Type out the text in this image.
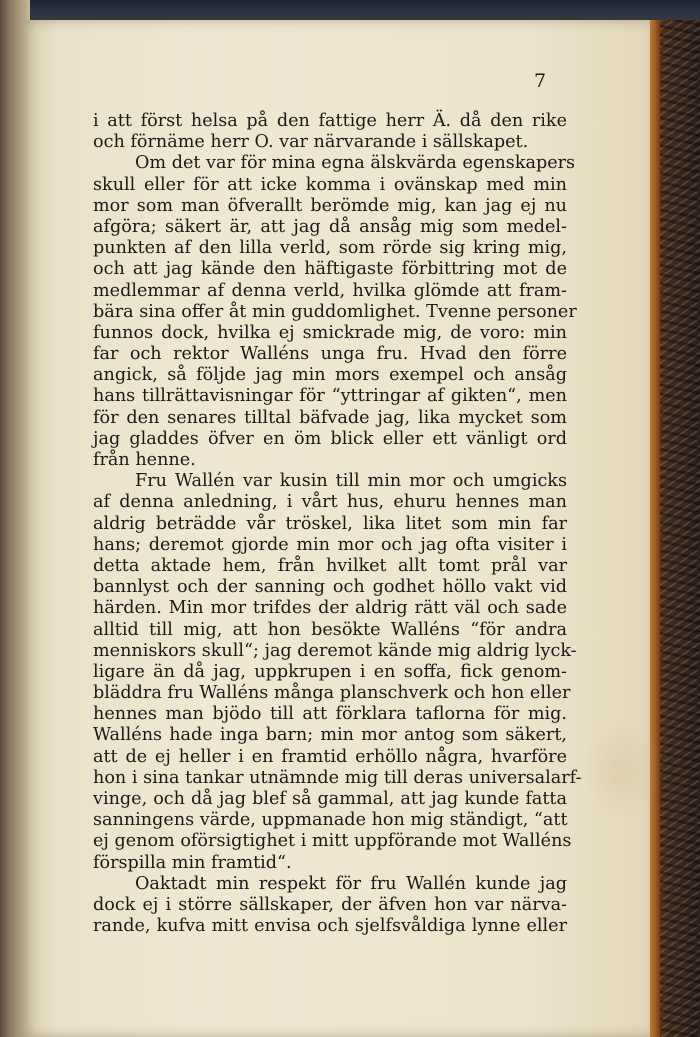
7
i att först helsa på den fattige herr Ä. då den rike
och förnäme herr O. var närvarande i sällskapet.
Om det var för mina egna älskvärda egenskapers
skull eller för att icke komma i ovänskap med min
mor som man öfverallt berömde mig, kan jag ej nu
afgöra; säkert är, att jag då ansåg mig som medel-
punkten af den lilla verld, som rörde sig kring mig,
och att jag kände den häftigaste förbittring mot de
medlemmar af denna verld, hvilka glömde att fram-
bära sina offer åt min guddomlighet. Tvenne personer
funnos dock, hvilka ej smickrade mig, de voro: min
far och rektor Walléns unga fru. Hvad den förre
angick, så följde jag min mors exempel och ansåg
hans tillrättavisningar för “yttringar af gikten“, men
för den senares tilltal bäfvade jag, lika mycket som
jag gladdes öfver en öm blick eller ett vänligt ord
från henne.
Fru Wallén var kusin till min mor och umgicks
af denna anledning, i vårt hus, ehuru hennes man
aldrig beträdde vår tröskel, lika litet som min far
hans; deremot gjorde min mor och jag ofta visiter i
detta aktade hem, från hvilket allt tomt prål var
bannlyst och der sanning och godhet höllo vakt vid
härden. Min mor trifdes der aldrig rätt väl och sade
alltid till mig, att hon besökte Walléns “för andra
menniskors skull“; jag deremot kände mig aldrig lyck-
ligare än då jag, uppkrupen i en soffa, fick genom-
bläddra fru Walléns många planschverk och hon eller
hennes man bjödo till att förklara taflorna för mig.
Walléns hade inga barn; min mor antog som säkert,
att de ej heller i en framtid erhöllo några, hvarföre
hon i sina tankar utnämnde mig till deras universalarf-
vinge, och då jag blef så gammal, att jag kunde fatta
sanningens värde, uppmanade hon mig ständigt, “att
ej genom oförsigtighet i mitt uppförande mot Walléns
förspilla min framtid“.
Oaktadt min respekt för fru Wallén kunde jag
dock ej i större sällskaper, der äfven hon var närva-
rande, kufva mitt envisa och sjelfsvåldiga lynne eller
